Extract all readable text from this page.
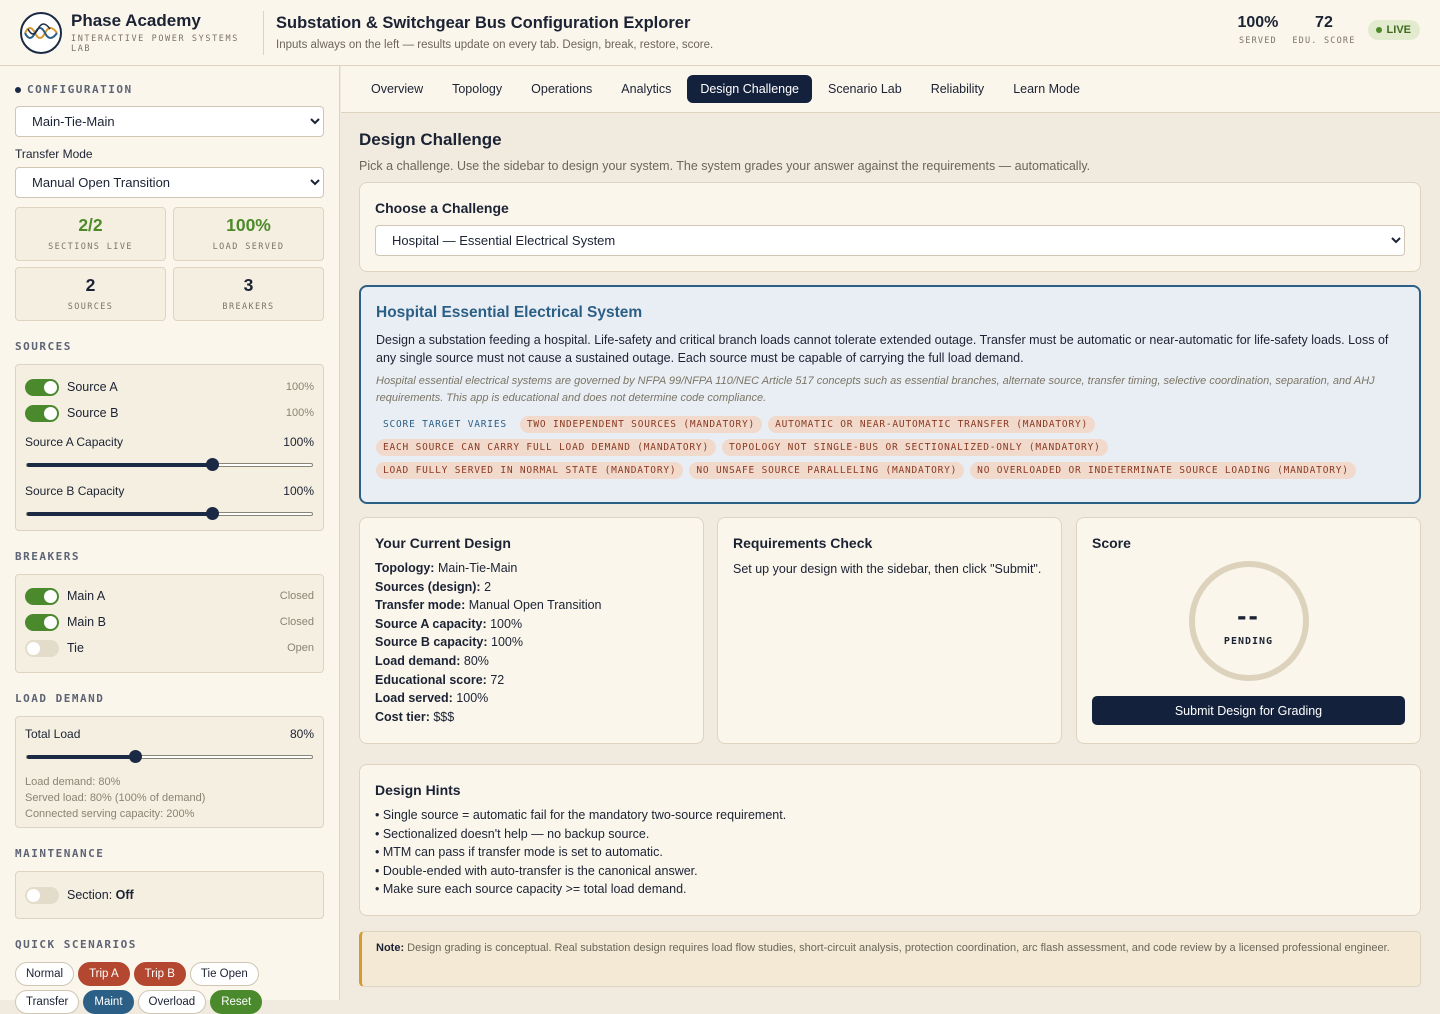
Phase Academy
INTERACTIVE POWER SYSTEMS LAB
Substation & Switchgear Bus Configuration Explorer
Inputs always on the left — results update on every tab. Design, break, restore, score.
100%
SERVED
72
EDU. SCORE
LIVE
CONFIGURATION
Main-Tie-Main
Transfer Mode
Manual Open Transition
2/2
SECTIONS LIVE
100%
LOAD SERVED
2
SOURCES
3
BREAKERS
SOURCES
Source A	100%
Source B	100%
Source A Capacity	100%
Source B Capacity	100%
BREAKERS
Main A	Closed
Main B	Closed
Tie	Open
LOAD DEMAND
Total Load	80%
Load demand: 80%
Served load: 80% (100% of demand)
Connected serving capacity: 200%
MAINTENANCE
Section: Off
QUICK SCENARIOS
Normal	Trip A	Trip B	Tie Open
Transfer	Maint	Overload	Reset
Overview	Topology	Operations	Analytics	Design Challenge	Scenario Lab	Reliability	Learn Mode
Design Challenge
Pick a challenge. Use the sidebar to design your system. The system grades your answer against the requirements — automatically.
Choose a Challenge
Hospital — Essential Electrical System
Hospital Essential Electrical System
Design a substation feeding a hospital. Life-safety and critical branch loads cannot tolerate extended outage. Transfer must be automatic or near-automatic for life-safety loads. Loss of any single source must not cause a sustained outage. Each source must be capable of carrying the full load demand.
Hospital essential electrical systems are governed by NFPA 99/NFPA 110/NEC Article 517 concepts such as essential branches, alternate source, transfer timing, selective coordination, separation, and AHJ requirements. This app is educational and does not determine code compliance.
SCORE TARGET VARIES	TWO INDEPENDENT SOURCES (MANDATORY)	AUTOMATIC OR NEAR-AUTOMATIC TRANSFER (MANDATORY)
EACH SOURCE CAN CARRY FULL LOAD DEMAND (MANDATORY)	TOPOLOGY NOT SINGLE-BUS OR SECTIONALIZED-ONLY (MANDATORY)
LOAD FULLY SERVED IN NORMAL STATE (MANDATORY)	NO UNSAFE SOURCE PARALLELING (MANDATORY)	NO OVERLOADED OR INDETERMINATE SOURCE LOADING (MANDATORY)
Your Current Design
Topology: Main-Tie-Main
Sources (design): 2
Transfer mode: Manual Open Transition
Source A capacity: 100%
Source B capacity: 100%
Load demand: 80%
Educational score: 72
Load served: 100%
Cost tier: $$$
Requirements Check
Set up your design with the sidebar, then click "Submit".
Score
--
PENDING
Submit Design for Grading
Design Hints
• Single source = automatic fail for the mandatory two-source requirement.
• Sectionalized doesn't help — no backup source.
• MTM can pass if transfer mode is set to automatic.
• Double-ended with auto-transfer is the canonical answer.
• Make sure each source capacity >= total load demand.
Note: Design grading is conceptual. Real substation design requires load flow studies, short-circuit analysis, protection coordination, arc flash assessment, and code review by a licensed professional engineer.
